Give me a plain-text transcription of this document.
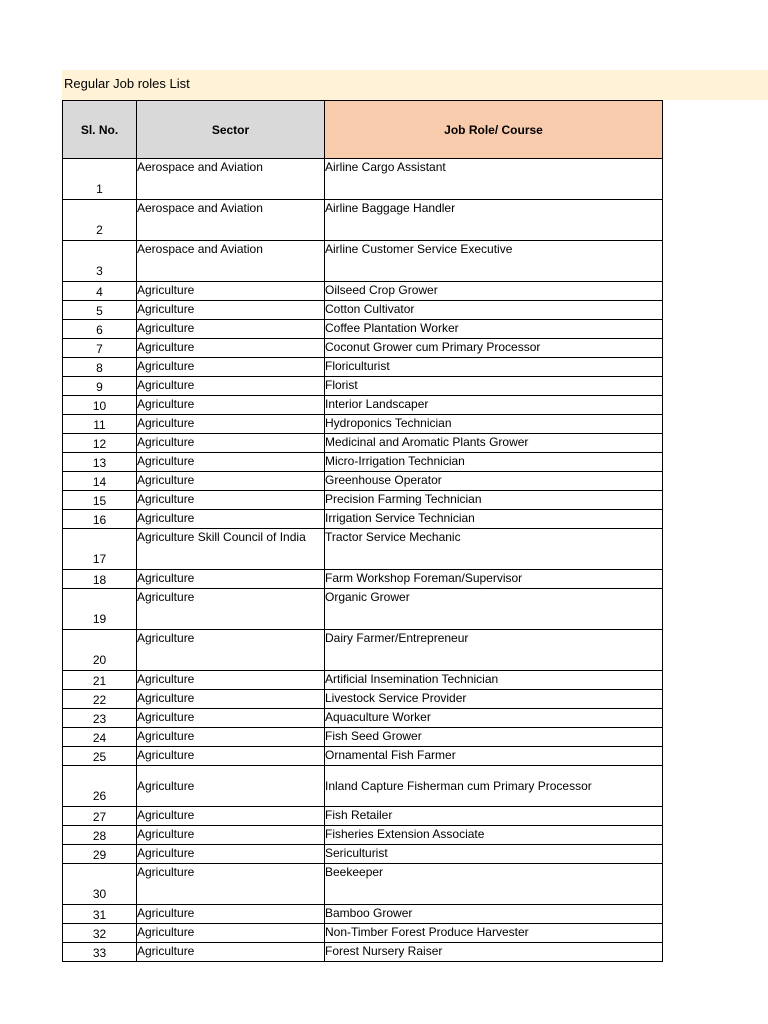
Regular Job roles List
Sl. No.	Sector	Job Role/ Course
1	Aerospace and Aviation	Airline Cargo Assistant
2	Aerospace and Aviation	Airline Baggage Handler
3	Aerospace and Aviation	Airline Customer Service Executive
4	Agriculture	Oilseed Crop Grower
5	Agriculture	Cotton Cultivator
6	Agriculture	Coffee Plantation Worker
7	Agriculture	Coconut Grower cum Primary Processor
8	Agriculture	Floriculturist
9	Agriculture	Florist
10	Agriculture	Interior Landscaper
11	Agriculture	Hydroponics Technician
12	Agriculture	Medicinal and Aromatic Plants Grower
13	Agriculture	Micro-Irrigation Technician
14	Agriculture	Greenhouse Operator
15	Agriculture	Precision Farming Technician
16	Agriculture	Irrigation Service Technician
17	Agriculture Skill Council of India	Tractor Service Mechanic
18	Agriculture	Farm Workshop Foreman/Supervisor
19	Agriculture	Organic Grower
20	Agriculture	Dairy Farmer/Entrepreneur
21	Agriculture	Artificial Insemination Technician
22	Agriculture	Livestock Service Provider
23	Agriculture	Aquaculture Worker
24	Agriculture	Fish Seed Grower
25	Agriculture	Ornamental Fish Farmer
26	Agriculture	Inland Capture Fisherman cum Primary Processor
27	Agriculture	Fish Retailer
28	Agriculture	Fisheries Extension Associate
29	Agriculture	Sericulturist
30	Agriculture	Beekeeper
31	Agriculture	Bamboo Grower
32	Agriculture	Non-Timber Forest Produce Harvester
33	Agriculture	Forest Nursery Raiser
